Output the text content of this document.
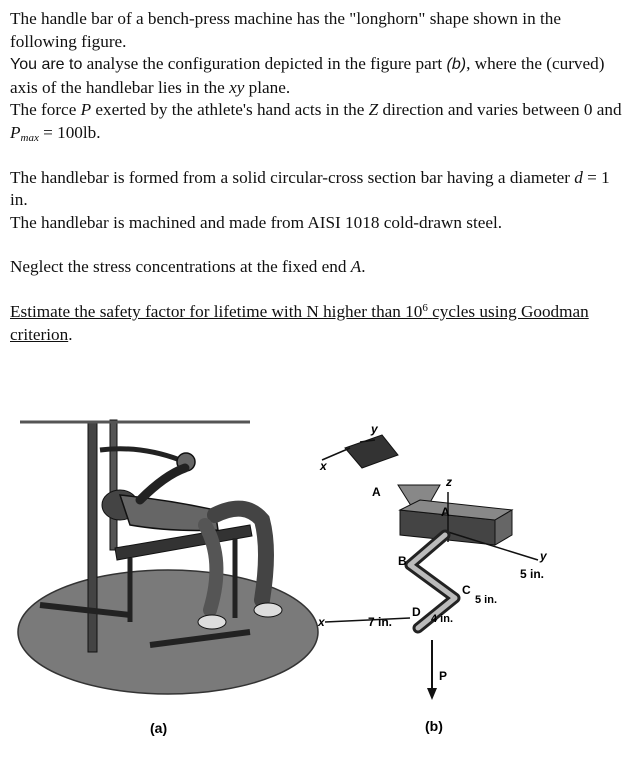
The handle bar of a bench-press machine has the "longhorn" shape shown in the following figure.

You are to analyse the configuration depicted in the figure part (b), where the (curved) axis of the handlebar lies in the xy plane.

The force P exerted by the athlete's hand acts in the Z direction and varies between 0 and $P_{max} = 100lb$.

The handlebar is formed from a solid circular-cross section bar having a diameter d = 1 in.

The handlebar is machined and made from AISI 1018 cold-drawn steel.

Neglect the stress concentrations at the fixed end A.

Estimate the safety factor for lifetime with N higher than $10^6$ cycles using Goodman criterion.

(a)
x
y
A
z
A
y
5 in.
B
C
5 in.
4 in.
x	7 in.
D
P
(b)
